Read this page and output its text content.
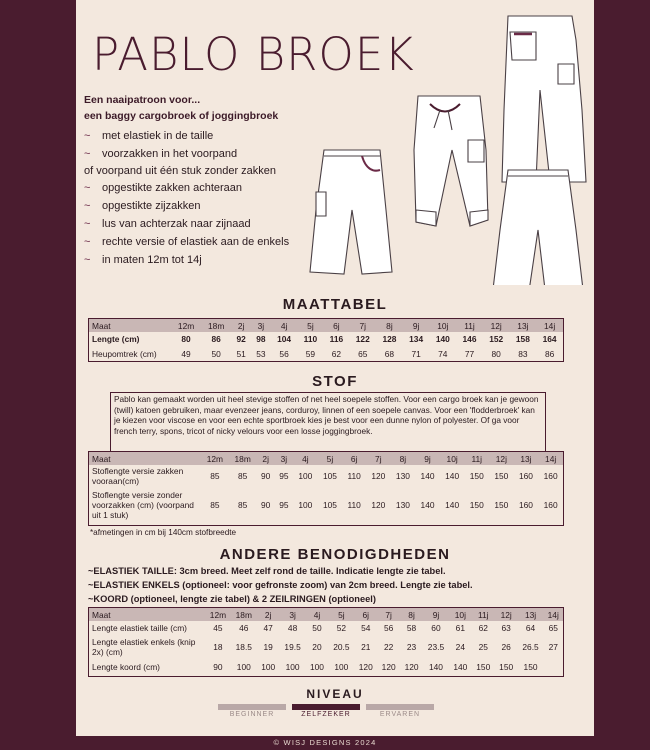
PABLO BROEK
Een naaipatroon voor...
een baggy cargobroek of joggingbroek
~ met elastiek in de taille
~ voorzakken in het voorpand
of voorpand uit één stuk zonder zakken
~ opgestikte zakken achteraan
~ opgestikte zijzakken
~ lus van achterzak naar zijnaad
~ rechte versie of elastiek aan de enkels
~ in maten 12m tot 14j
MAATTABEL
Maat	12m	18m	2j	3j	4j	5j	6j	7j	8j	9j	10j	11j	12j	13j	14j
Lengte (cm)	80	86	92	98	104	110	116	122	128	134	140	146	152	158	164
Heupomtrek (cm)	49	50	51	53	56	59	62	65	68	71	74	77	80	83	86
STOF
Pablo kan gemaakt worden uit heel stevige stoffen of net heel soepele stoffen. Voor een cargo broek kan je gewoon (twill) katoen gebruiken, maar evenzeer jeans, corduroy, linnen of een soepele canvas. Voor een 'flodderbroek' kan je kiezen voor viscose en voor een echte sportbroek kies je best voor een dunne nylon of polyester. Of ga voor french terry, spons, tricot of nicky velours voor een losse joggingbroek.
Maat	12m	18m	2j	3j	4j	5j	6j	7j	8j	9j	10j	11j	12j	13j	14j
Stoflengte versie zakken vooraan(cm)	85	85	90	95	100	105	110	120	130	140	140	150	150	160	160
Stoflengte versie zonder voorzakken (cm) (voorpand uit 1 stuk)	85	85	90	95	100	105	110	120	130	140	140	150	150	160	160
*afmetingen in cm bij 140cm stofbreedte
ANDERE BENODIGDHEDEN
~ELASTIEK TAILLE: 3cm breed. Meet zelf rond de taille. Indicatie lengte zie tabel.
~ELASTIEK ENKELS (optioneel: voor gefronste zoom) van 2cm breed. Lengte zie tabel.
~KOORD (optioneel, lengte zie tabel) & 2 ZEILRINGEN (optioneel)
Maat	12m	18m	2j	3j	4j	5j	6j	7j	8j	9j	10j	11j	12j	13j	14j
Lengte elastiek taille (cm)	45	46	47	48	50	52	54	56	58	60	61	62	63	64	65
Lengte elastiek enkels (knip 2x) (cm)	18	18.5	19	19.5	20	20.5	21	22	23	23.5	24	25	26	26.5	27
Lengte koord (cm)	90	100	100	100	100	100	120	120	120	140	140	150	150	150	
NIVEAU
BEGINNER	ZELFZEKER	ERVAREN
© WISJ DESIGNS 2024
